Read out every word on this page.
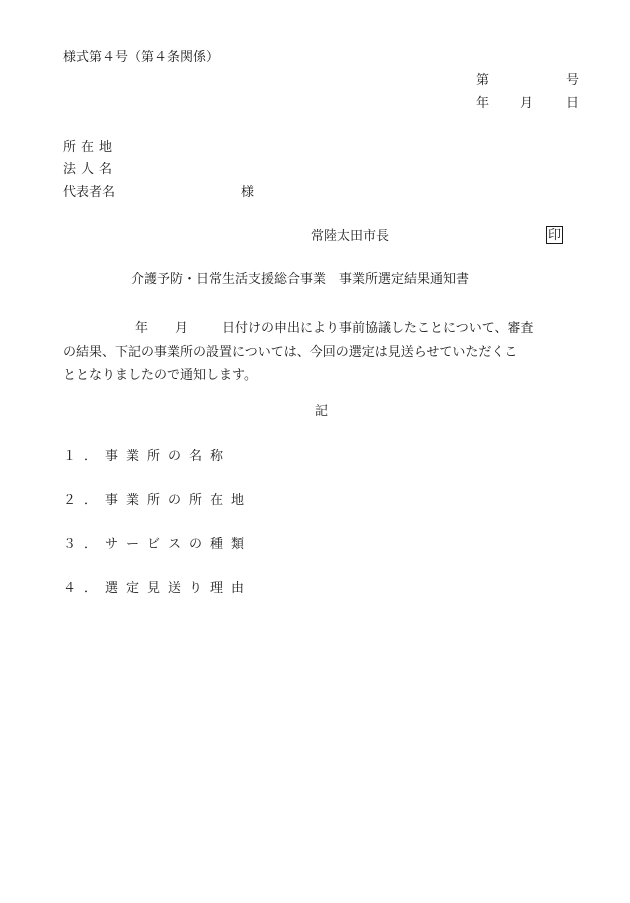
様式第４号（第４条関係）
第	号
年 月	日
所在地
法人名
代表者名	様
常陸太田市長	印
介護予防・日常生活支援総合事業　事業所選定結果通知書
年 月	日付けの申出により事前協議したことについて、審査
の結果、下記の事業所の設置については、今回の選定は見送らせていただくこ
ととなりましたので通知します。
記
１．事業所の名称
２．事業所の所在地
３．サービスの種類
４．選定見送り理由
